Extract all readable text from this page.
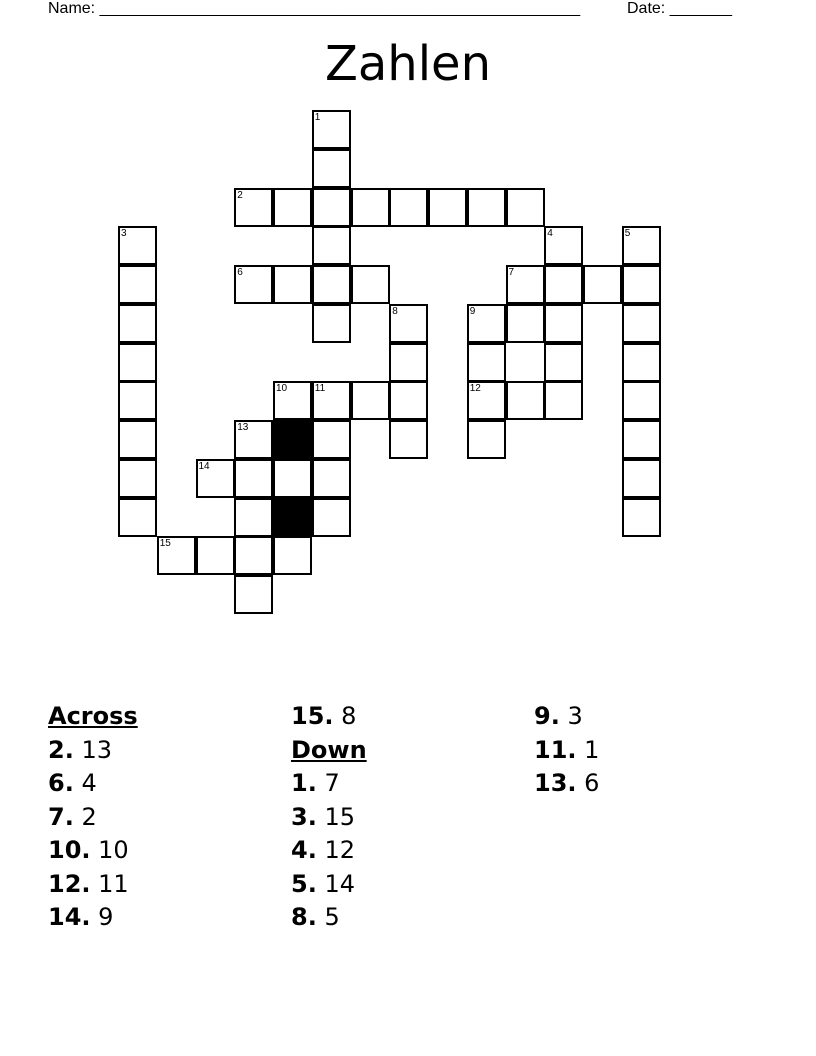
Name: ______________________________________________________	Date: _______
Zahlen
1
2
3	4	5
6	7
8	9
10	11	12
13
14
15
Across
2. 13
6. 4
7. 2
10. 10
12. 11
14. 9
15. 8
Down
1. 7
3. 15
4. 12
5. 14
8. 5
9. 3
11. 1
13. 6
